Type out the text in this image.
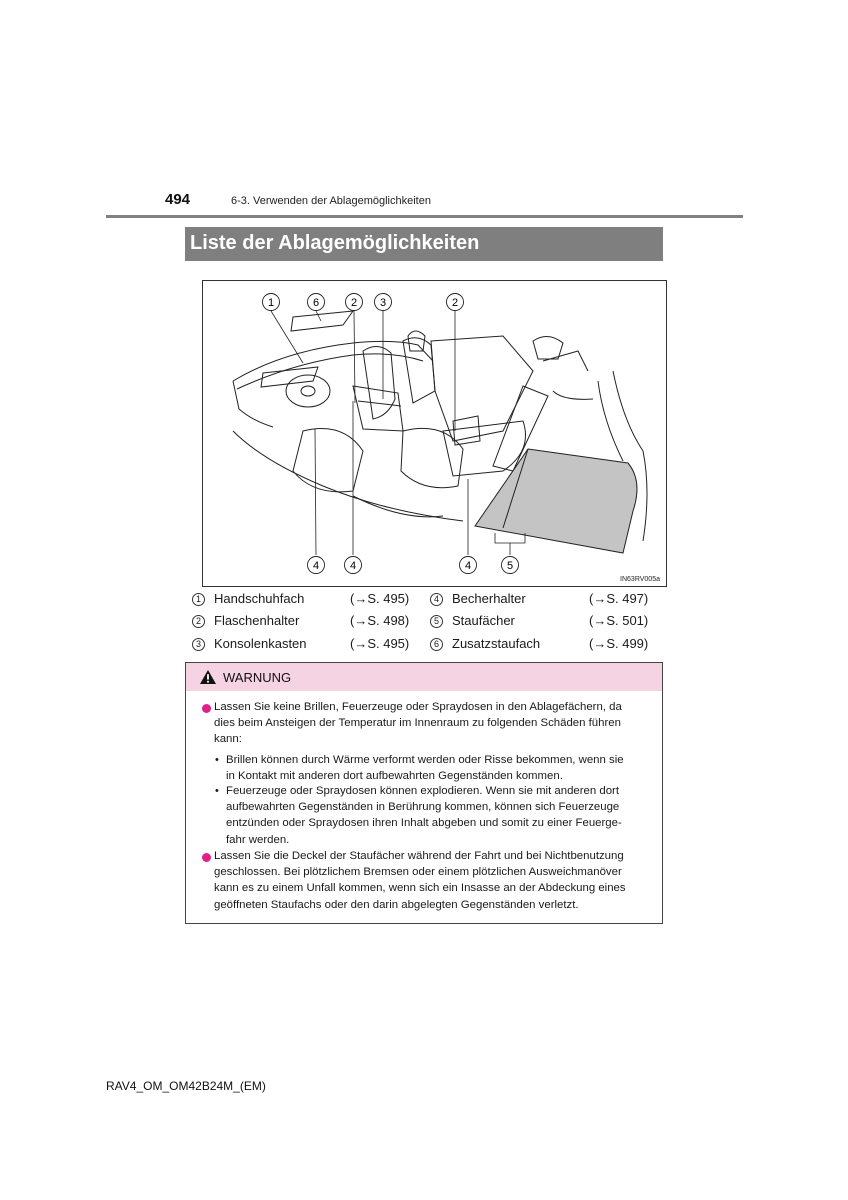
494	6-3. Verwenden der Ablagemöglichkeiten
Liste der Ablagemöglichkeiten
1	6	2 3	2
4	4	4	5
IN63RV005a
1	Handschuhfach	(→S. 495)	4	Becherhalter	(→S. 497)
2	Flaschenhalter	(→S. 498)	5	Staufächer	(→S. 501)
3	Konsolenkasten	(→S. 495)	6	Zusatzstaufach	(→S. 499)
WARNUNG
Lassen Sie keine Brillen, Feuerzeuge oder Spraydosen in den Ablagefächern, da
dies beim Ansteigen der Temperatur im Innenraum zu folgenden Schäden führen
kann:
• Brillen können durch Wärme verformt werden oder Risse bekommen, wenn sie
in Kontakt mit anderen dort aufbewahrten Gegenständen kommen.
• Feuerzeuge oder Spraydosen können explodieren. Wenn sie mit anderen dort
aufbewahrten Gegenständen in Berührung kommen, können sich Feuerzeuge
entzünden oder Spraydosen ihren Inhalt abgeben und somit zu einer Feuerge-
fahr werden.
Lassen Sie die Deckel der Staufächer während der Fahrt und bei Nichtbenutzung
geschlossen. Bei plötzlichem Bremsen oder einem plötzlichen Ausweichmanöver
kann es zu einem Unfall kommen, wenn sich ein Insasse an der Abdeckung eines
geöffneten Staufachs oder den darin abgelegten Gegenständen verletzt.
RAV4_OM_OM42B24M_(EM)
